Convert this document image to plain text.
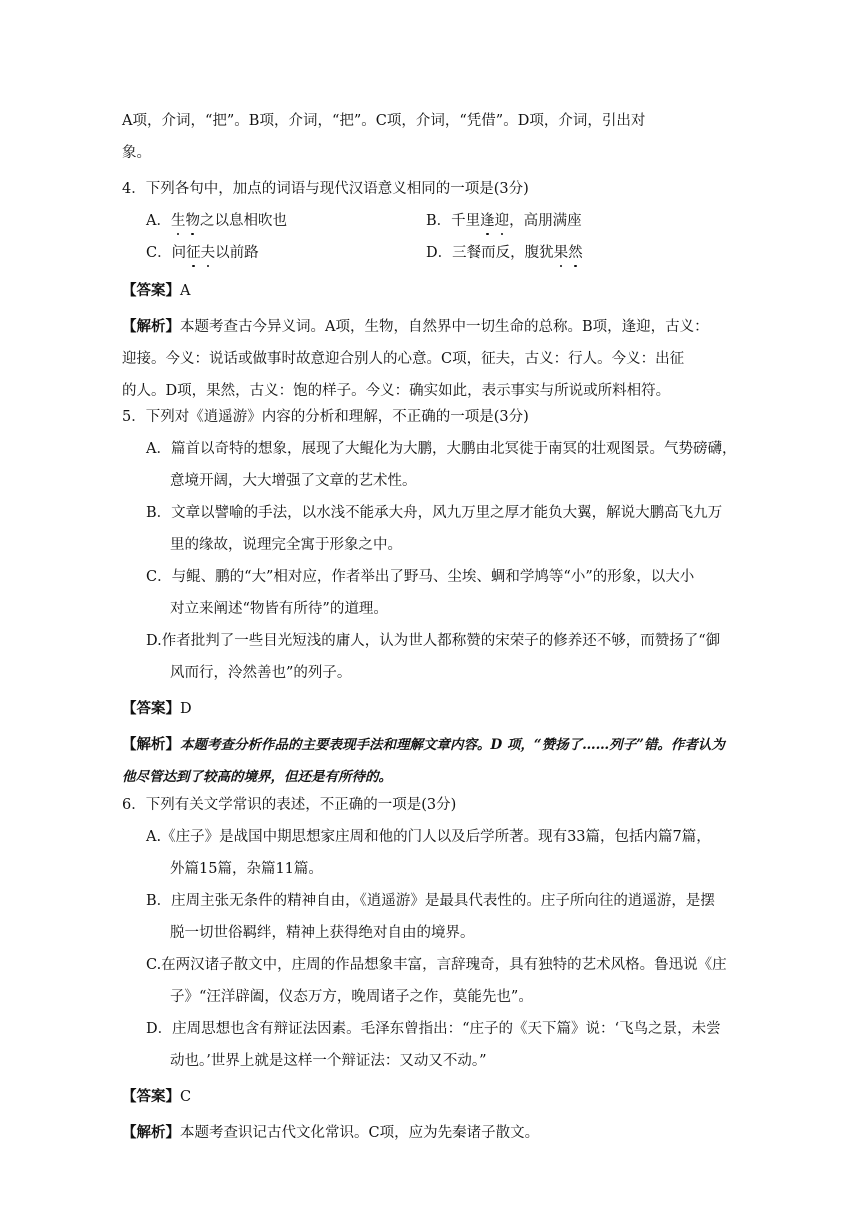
A项，介词，“把”。B项，介词，“把”。C项，介词，“凭借”。D项，介词，引出对
象。
4．下列各句中，加点的词语与现代汉语意义相同的一项是(3分)
A．生物之以息相吹也	B．千里逢迎，高朋满座
C．问征夫以前路	D．三餐而反，腹犹果然
【答案】A
【解析】本题考查古今异义词。A项，生物，自然界中一切生命的总称。B项，逢迎，古义：
迎接。今义：说话或做事时故意迎合别人的心意。C项，征夫，古义：行人。今义：出征
的人。D项，果然，古义：饱的样子。今义：确实如此，表示事实与所说或所料相符。
5．下列对《逍遥游》内容的分析和理解，不正确的一项是(3分)
A．篇首以奇特的想象，展现了大鲲化为大鹏，大鹏由北冥徙于南冥的壮观图景。气势磅礴，
意境开阔，大大增强了文章的艺术性。
B．文章以譬喻的手法，以水浅不能承大舟，风九万里之厚才能负大翼，解说大鹏高飞九万
里的缘故，说理完全寓于形象之中。
C．与鲲、鹏的“大”相对应，作者举出了野马、尘埃、蜩和学鸠等“小”的形象，以大小
对立来阐述“物皆有所待”的道理。
D.作者批判了一些目光短浅的庸人，认为世人都称赞的宋荣子的修养还不够，而赞扬了“御
风而行，泠然善也”的列子。
【答案】D
【解析】本题考查分析作品的主要表现手法和理解文章内容。D 项，“赞扬了……列子”错。作者认为
他尽管达到了较高的境界，但还是有所待的。
6．下列有关文学常识的表述，不正确的一项是(3分)
A.《庄子》是战国中期思想家庄周和他的门人以及后学所著。现有33篇，包括内篇7篇，
外篇15篇，杂篇11篇。
B．庄周主张无条件的精神自由，《逍遥游》是最具代表性的。庄子所向往的逍遥游，是摆
脱一切世俗羁绊，精神上获得绝对自由的境界。
C.在两汉诸子散文中，庄周的作品想象丰富，言辞瑰奇，具有独特的艺术风格。鲁迅说《庄
子》“汪洋辟阖，仪态万方，晚周诸子之作，莫能先也”。
D．庄周思想也含有辩证法因素。毛泽东曾指出：“庄子的《天下篇》说：‘飞鸟之景，未尝
动也。’世界上就是这样一个辩证法：又动又不动。”
【答案】C
【解析】本题考查识记古代文化常识。C项，应为先秦诸子散文。
